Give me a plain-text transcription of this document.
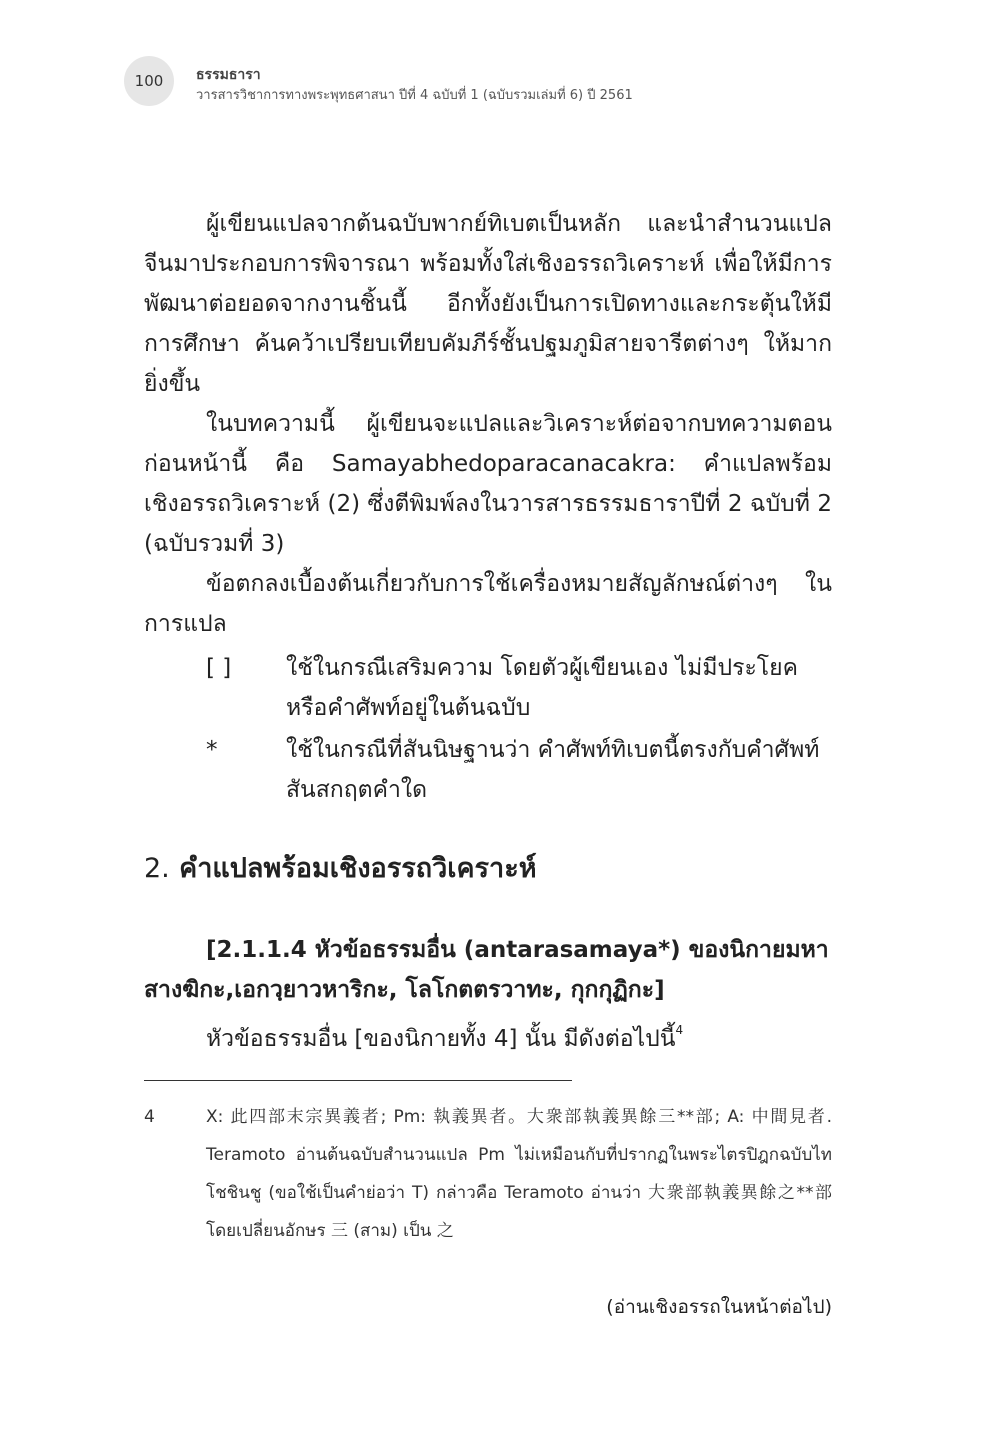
100	ธรรมธารา
วารสารวิชาการทางพระพุทธศาสนา ปีที่ 4 ฉบับที่ 1 (ฉบับรวมเล่มที่ 6) ปี 2561

ผู้เขียนแปลจากต้นฉบับพากย์ทิเบตเป็นหลัก และนำสำนวนแปลจีนมาประกอบการพิจารณา พร้อมทั้งใส่เชิงอรรถวิเคราะห์ เพื่อให้มีการพัฒนาต่อยอดจากงานชิ้นนี้ อีกทั้งยังเป็นการเปิดทางและกระตุ้นให้มีการศึกษา ค้นคว้าเปรียบเทียบคัมภีร์ชั้นปฐมภูมิสายจารีตต่างๆ ให้มากยิ่งขึ้น

ในบทความนี้ ผู้เขียนจะแปลและวิเคราะห์ต่อจากบทความตอนก่อนหน้านี้ คือ Samayabhedoparacanacakra: คำแปลพร้อมเชิงอรรถวิเคราะห์ (2) ซึ่งตีพิมพ์ลงในวารสารธรรมธาราปีที่ 2 ฉบับที่ 2 (ฉบับรวมที่ 3)

ข้อตกลงเบื้องต้นเกี่ยวกับการใช้เครื่องหมายสัญลักษณ์ต่างๆ ในการแปล

[ ]	ใช้ในกรณีเสริมความ โดยตัวผู้เขียนเอง ไม่มีประโยคหรือคำศัพท์อยู่ในต้นฉบับ
*	ใช้ในกรณีที่สันนิษฐานว่า คำศัพท์ทิเบตนี้ตรงกับคำศัพท์สันสกฤตคำใด
2. คำแปลพร้อมเชิงอรรถวิเคราะห์
[2.1.1.4 หัวข้อธรรมอื่น (antarasamaya*) ของนิกายมหาสางฆิกะ,เอกวฺยาวหาริกะ, โลโกตตรวาทะ, กุกกุฏิกะ]
หัวข้อธรรมอื่น [ของนิกายทั้ง 4] นั้น มีดังต่อไปนี้$^4$
4	X: 此四部末宗異義者; Pm: 執義異者。大衆部執義異餘三**部; A: 中間見者. Teramoto อ่านต้นฉบับสำนวนแปล Pm ไม่เหมือนกับที่ปรากฏในพระไตรปิฎกฉบับไทโชชินชู (ขอใช้เป็นคำย่อว่า T) กล่าวคือ Teramoto อ่านว่า 大衆部執義異餘之**部 โดยเปลี่ยนอักษร 三 (สาม) เป็น 之
(อ่านเชิงอรรถในหน้าต่อไป)
